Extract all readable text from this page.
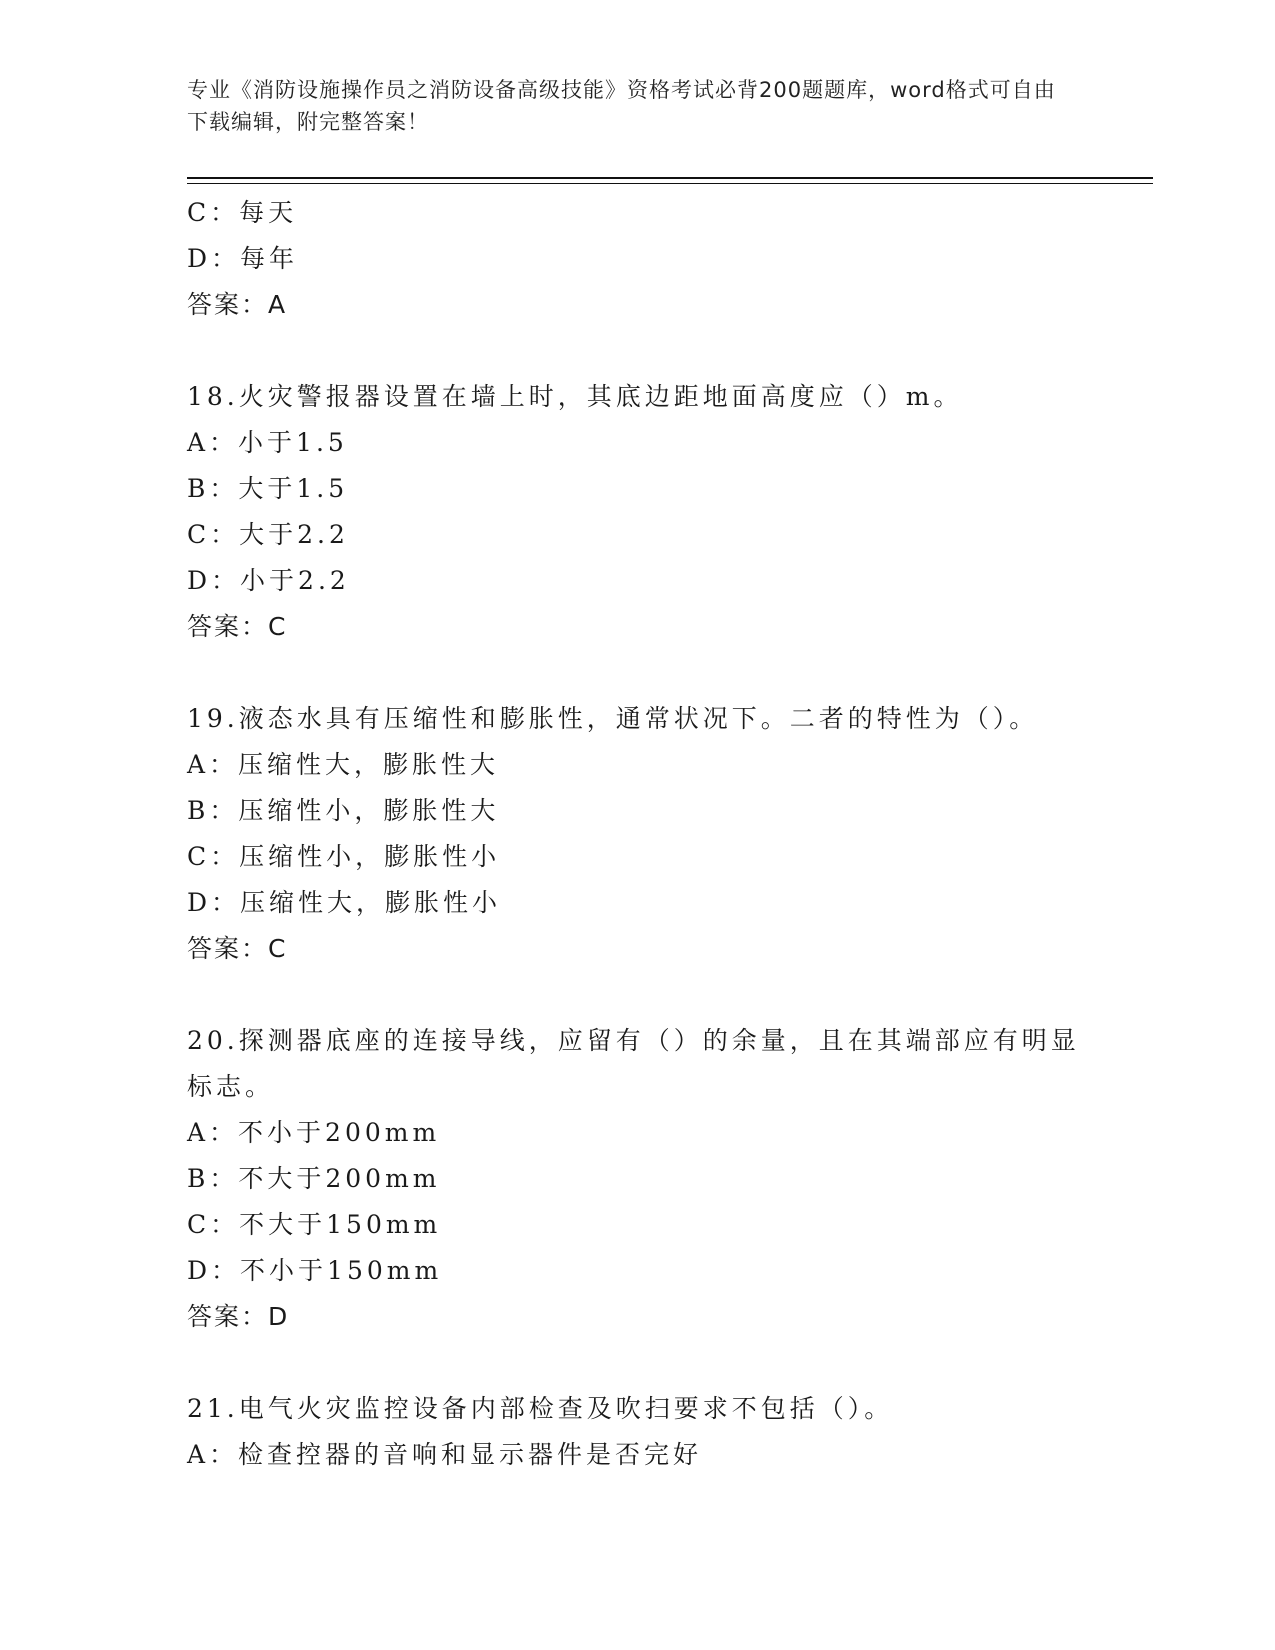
专业《消防设施操作员之消防设备高级技能》资格考试必背200题题库，word格式可自由下载编辑，附完整答案！
C：每天
D：每年
答案：A
18.火灾警报器设置在墙上时，其底边距地面高度应（）m。
A：小于1.5
B：大于1.5
C：大于2.2
D：小于2.2
答案：C
19.液态水具有压缩性和膨胀性，通常状况下。二者的特性为（）。
A：压缩性大，膨胀性大
B：压缩性小，膨胀性大
C：压缩性小，膨胀性小
D：压缩性大，膨胀性小
答案：C
20.探测器底座的连接导线，应留有（）的余量，且在其端部应有明显标志。
A：不小于200mm
B：不大于200mm
C：不大于150mm
D：不小于150mm
答案：D
21.电气火灾监控设备内部检查及吹扫要求不包括（）。
A：检查控器的音响和显示器件是否完好
